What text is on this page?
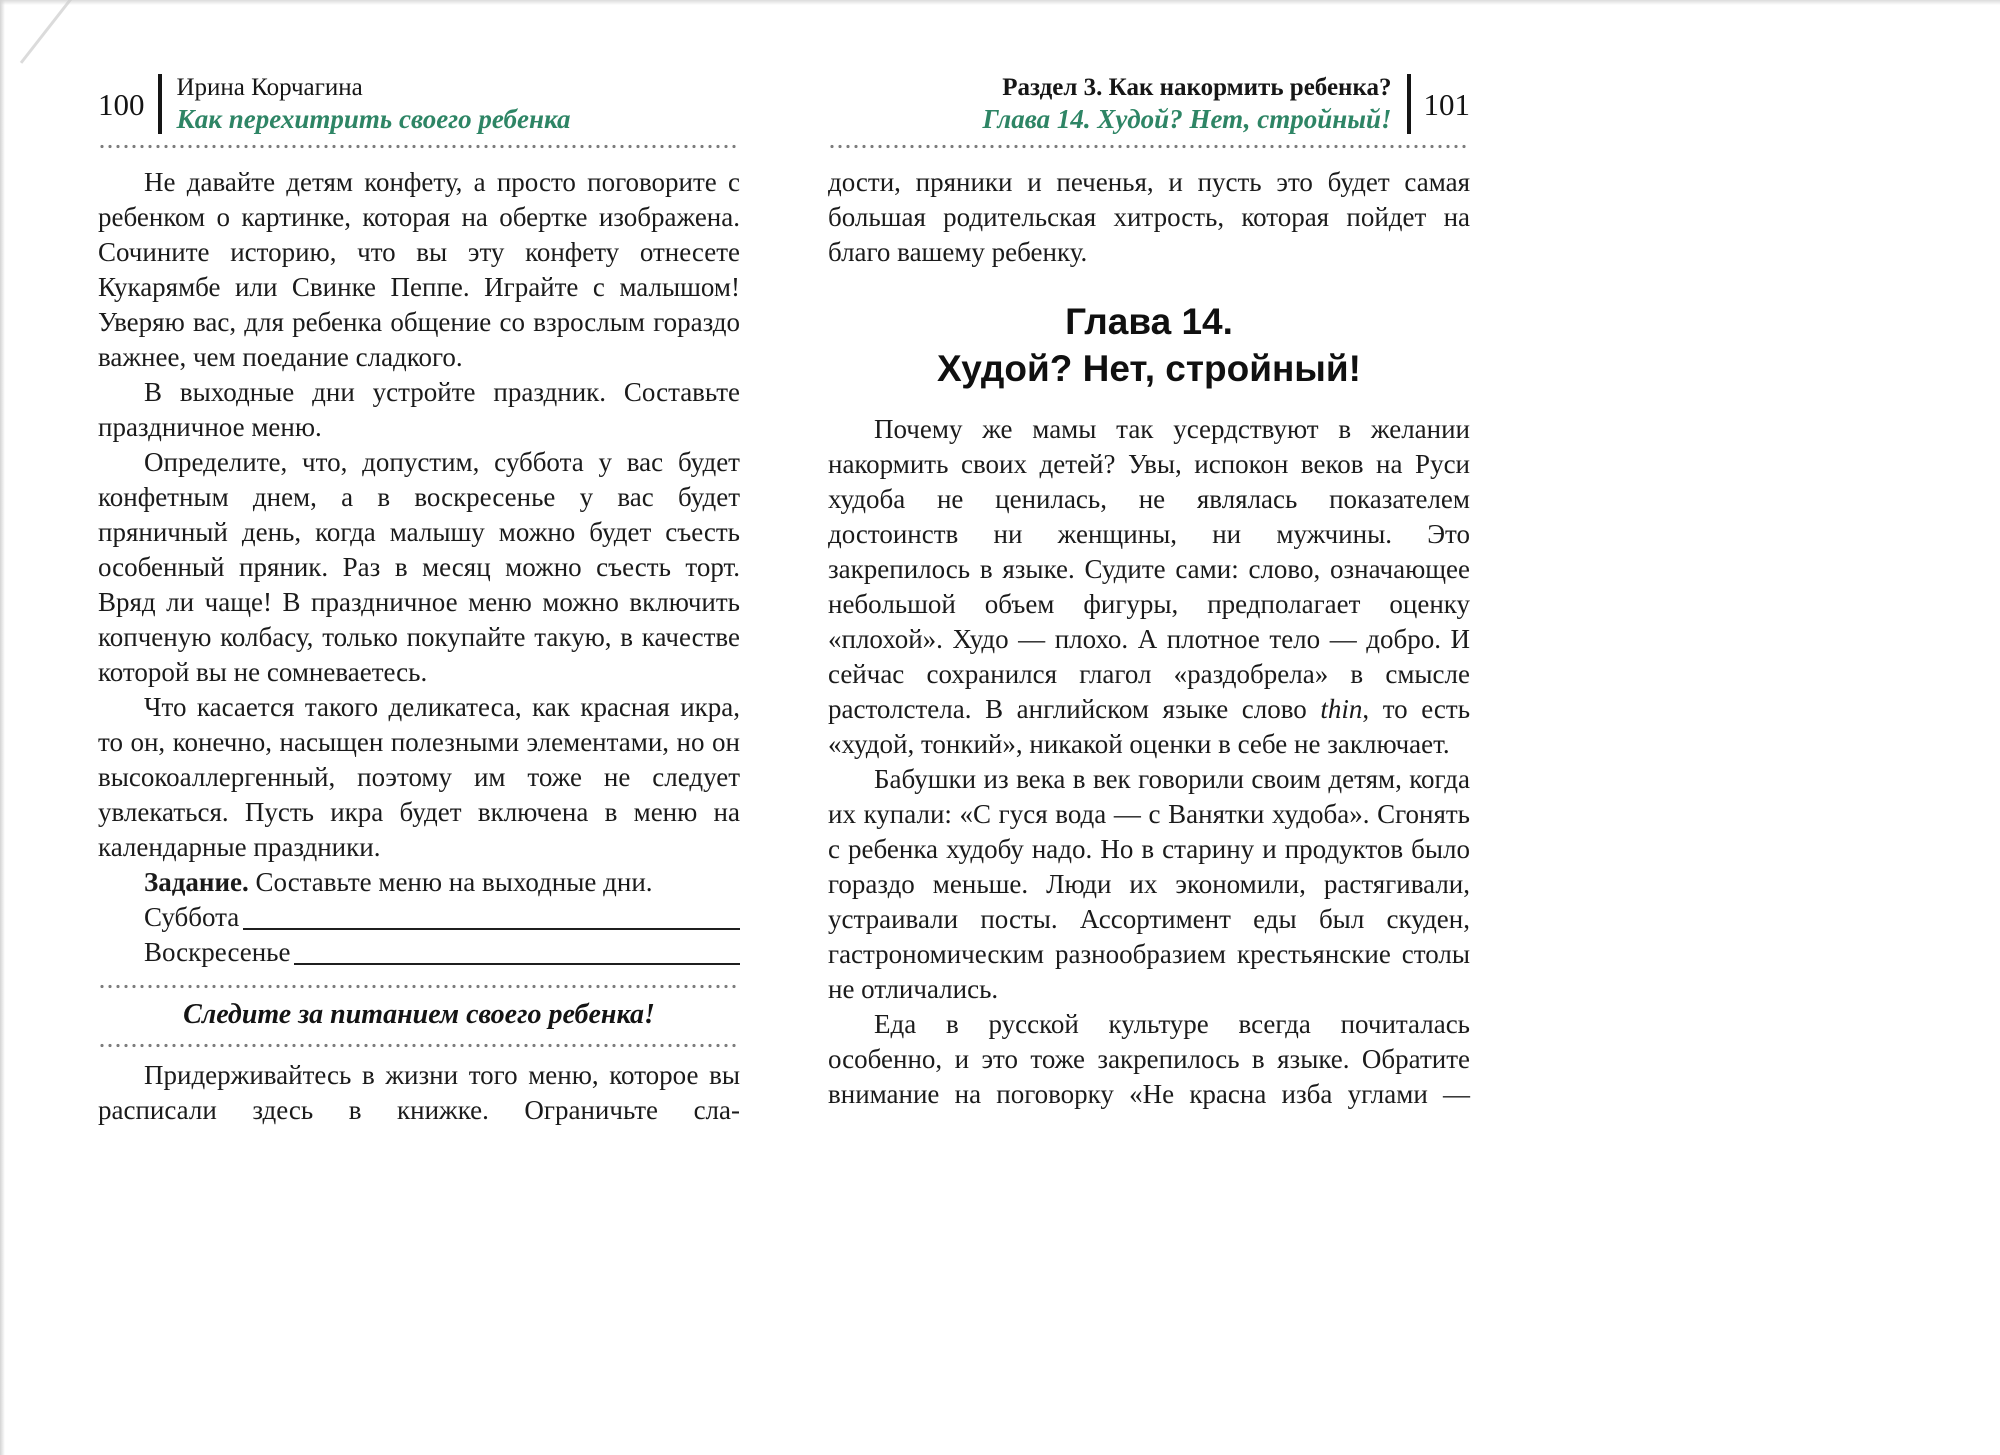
100 Ирина Корчагина
Как перехитрить своего ребенка

Не давайте детям конфету, а просто поговорите с ребенком о картинке, которая на обертке изображена. Сочините историю, что вы эту конфету отнесете Кукарямбе или Свинке Пеппе. Играйте с малышом! Уверяю вас, для ребенка общение со взрослым гораздо важнее, чем поедание сладкого.

В выходные дни устройте праздник. Составьте праздничное меню.

Определите, что, допустим, суббота у вас будет конфетным днем, а в воскресенье у вас будет пряничный день, когда малышу можно будет съесть особенный пряник. Раз в месяц можно съесть торт. Вряд ли чаще! В праздничное меню можно включить копченую колбасу, только покупайте такую, в качестве которой вы не сомневаетесь.

Что касается такого деликатеса, как красная икра, то он, конечно, насыщен полезными элементами, но он высокоаллергенный, поэтому им тоже не следует увлекаться. Пусть икра будет включена в меню на календарные праздники.

Задание. Составьте меню на выходные дни.

Суббота
Воскресенье

Следите за питанием своего ребенка!

Придерживайтесь в жизни того меню, которое вы расписали здесь в книжке. Ограничьте сла-

Раздел 3. Как накормить ребенка?
Глава 14. Худой? Нет, стройный! 101

дости, пряники и печенья, и пусть это будет самая большая родительская хитрость, которая пойдет на благо вашему ребенку.

Глава 14.
Худой? Нет, стройный!

Почему же мамы так усердствуют в желании накормить своих детей? Увы, испокон веков на Руси худоба не ценилась, не являлась показателем достоинств ни женщины, ни мужчины. Это закрепилось в языке. Судите сами: слово, означающее небольшой объем фигуры, предполагает оценку «плохой». Худо — плохо. А плотное тело — добро. И сейчас сохранился глагол «раздобрела» в смысле растолстела. В английском языке слово thin, то есть «худой, тонкий», никакой оценки в себе не заключает.

Бабушки из века в век говорили своим детям, когда их купали: «С гуся вода — с Ванятки худоба». Сгонять с ребенка худобу надо. Но в старину и продуктов было гораздо меньше. Люди их экономили, растягивали, устраивали посты. Ассортимент еды был скуден, гастрономическим разнообразием крестьянские столы не отличались.

Еда в русской культуре всегда почиталась особенно, и это тоже закрепилось в языке. Обратите внимание на поговорку «Не красна изба углами —
